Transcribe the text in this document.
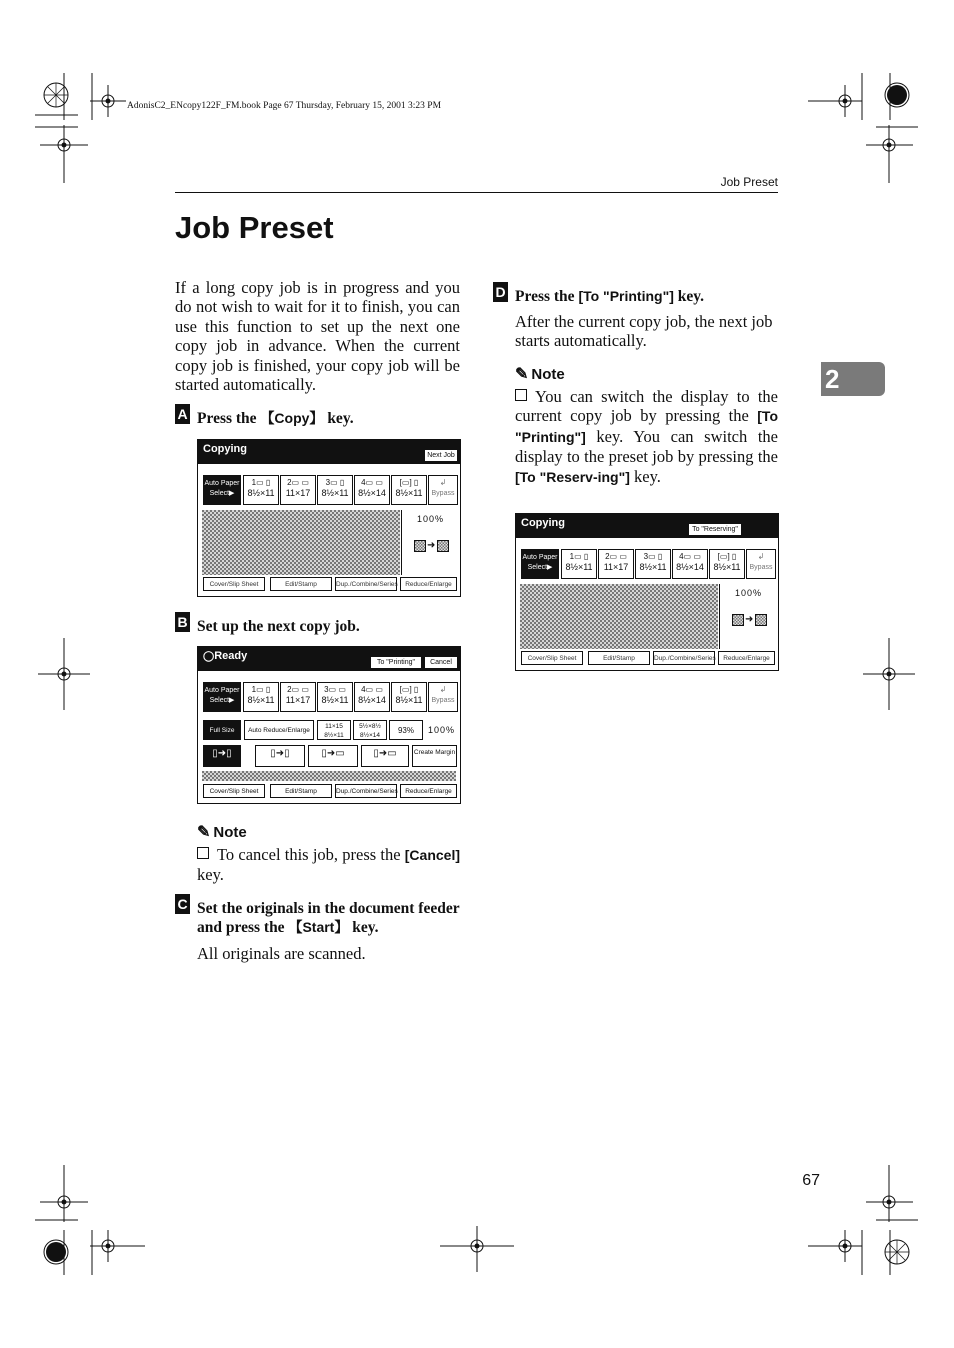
AdonisC2_ENcopy122F_FM.book Page 67 Thursday, February 15, 2001 3:23 PM
Job Preset
Job Preset
2

If a long copy job is in progress and you do not wish to wait for it to finish, you can use this function to set up the next one copy job in advance. When the current copy job is finished, your copy job will be started automatically.

A Press the 【Copy】 key.
Copying
Next Job
Auto Paper Select▶
1▭ ▯
8½×11
2▭ ▭
11×17
3▭ ▯
8½×11
4▭ ▭
8½×14
[▭] ▯
8½×11
↲
Bypass
100%
➜
Cover/Slip Sheet	Edit/Stamp	Dup./Combine/Series	Reduce/Enlarge
B Set up the next copy job.
◯Ready
To "Printing"	Cancel
Auto Paper Select▶
1▭ ▯
8½×11
2▭ ▭
11×17
3▭ ▭
8½×11
4▭ ▭
8½×14
[▭] ▯
8½×11
↲
Bypass
Full Size	Auto Reduce/Enlarge
11×15
8½×11
5½×8½
8½×14
93%	100%
▯➜▯	▯➜▯	▯➜▭	▯➜▭	Create Margin
Cover/Slip Sheet	Edit/Stamp	Dup./Combine/Series	Reduce/Enlarge
✎ Note

To cancel this job, press the [Cancel] key.

C Set the originals in the document feeder and press the 【Start】 key.

All originals are scanned.

D Press the [To "Printing"] key.

After the current copy job, the next job starts automatically.

✎ Note

You can switch the display to the current copy job by pressing the [To "Printing"] key. You can switch the display to the preset job by pressing the [To "Reserv-ing"] key.

Copying
To "Reserving"
Auto Paper Select▶
1▭ ▯
8½×11
2▭ ▭
11×17
3▭ ▯
8½×11
4▭ ▭
8½×14
[▭] ▯
8½×11
↲
Bypass
100%
➜
Cover/Slip Sheet	Edit/Stamp	Dup./Combine/Series	Reduce/Enlarge
67
